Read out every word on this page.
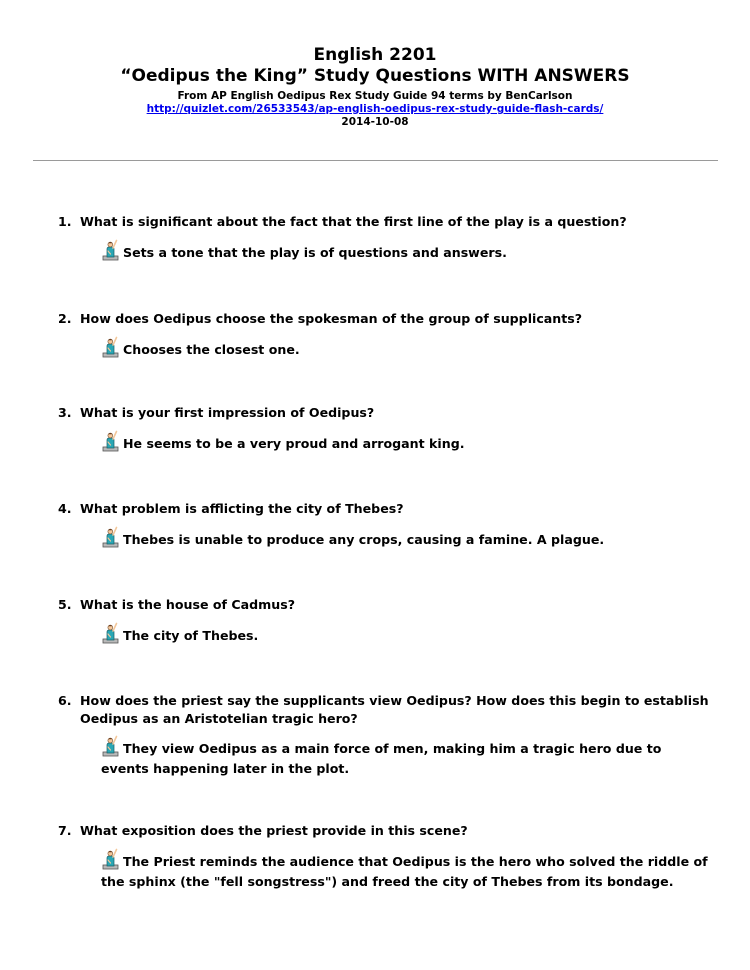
English 2201
“Oedipus the King” Study Questions WITH ANSWERS
From AP English Oedipus Rex Study Guide 94 terms by BenCarlson
http://quizlet.com/26533543/ap-english-oedipus-rex-study-guide-flash-cards/
2014-10-08
1. What is significant about the fact that the first line of the play is a question?
Sets a tone that the play is of questions and answers.
2. How does Oedipus choose the spokesman of the group of supplicants?
Chooses the closest one.
3. What is your first impression of Oedipus?
He seems to be a very proud and arrogant king.
4. What problem is afflicting the city of Thebes?
Thebes is unable to produce any crops, causing a famine. A plague.
5. What is the house of Cadmus?
The city of Thebes.
6. How does the priest say the supplicants view Oedipus? How does this begin to establish Oedipus as an Aristotelian tragic hero?
They view Oedipus as a main force of men, making him a tragic hero due to events happening later in the plot.
7. What exposition does the priest provide in this scene?
The Priest reminds the audience that Oedipus is the hero who solved the riddle of the sphinx (the "fell songstress") and freed the city of Thebes from its bondage.
